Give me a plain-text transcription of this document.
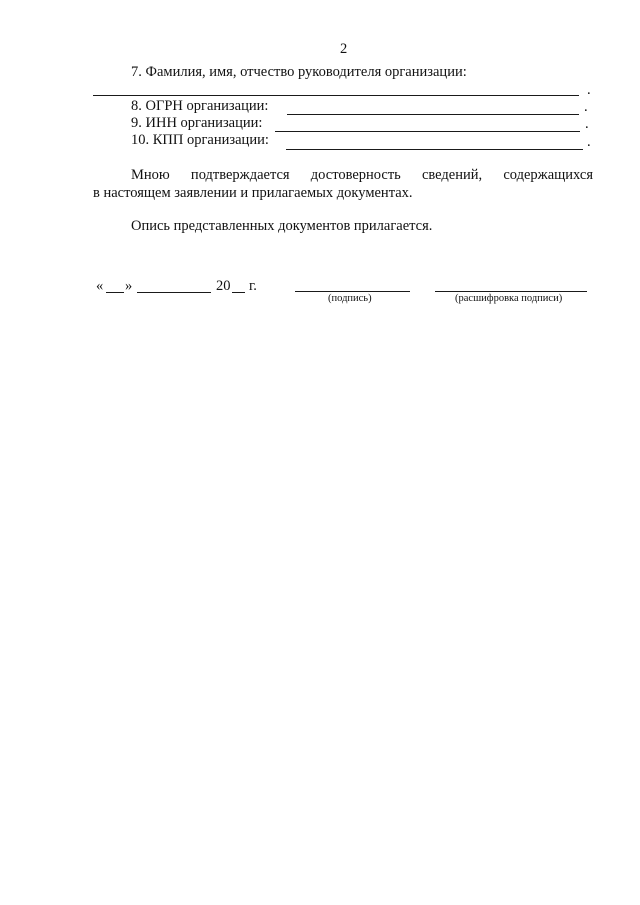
2
7. Фамилия, имя, отчество руководителя организации:
.
8. ОГРН организации:	.
9. ИНН организации:	.
10. КПП организации:	.
Мною подтверждается достоверность сведений, содержащихся
в настоящем заявлении и прилагаемых документах.
Опись представленных документов прилагается.
« »	20 г.
(подпись)	(расшифровка подписи)
